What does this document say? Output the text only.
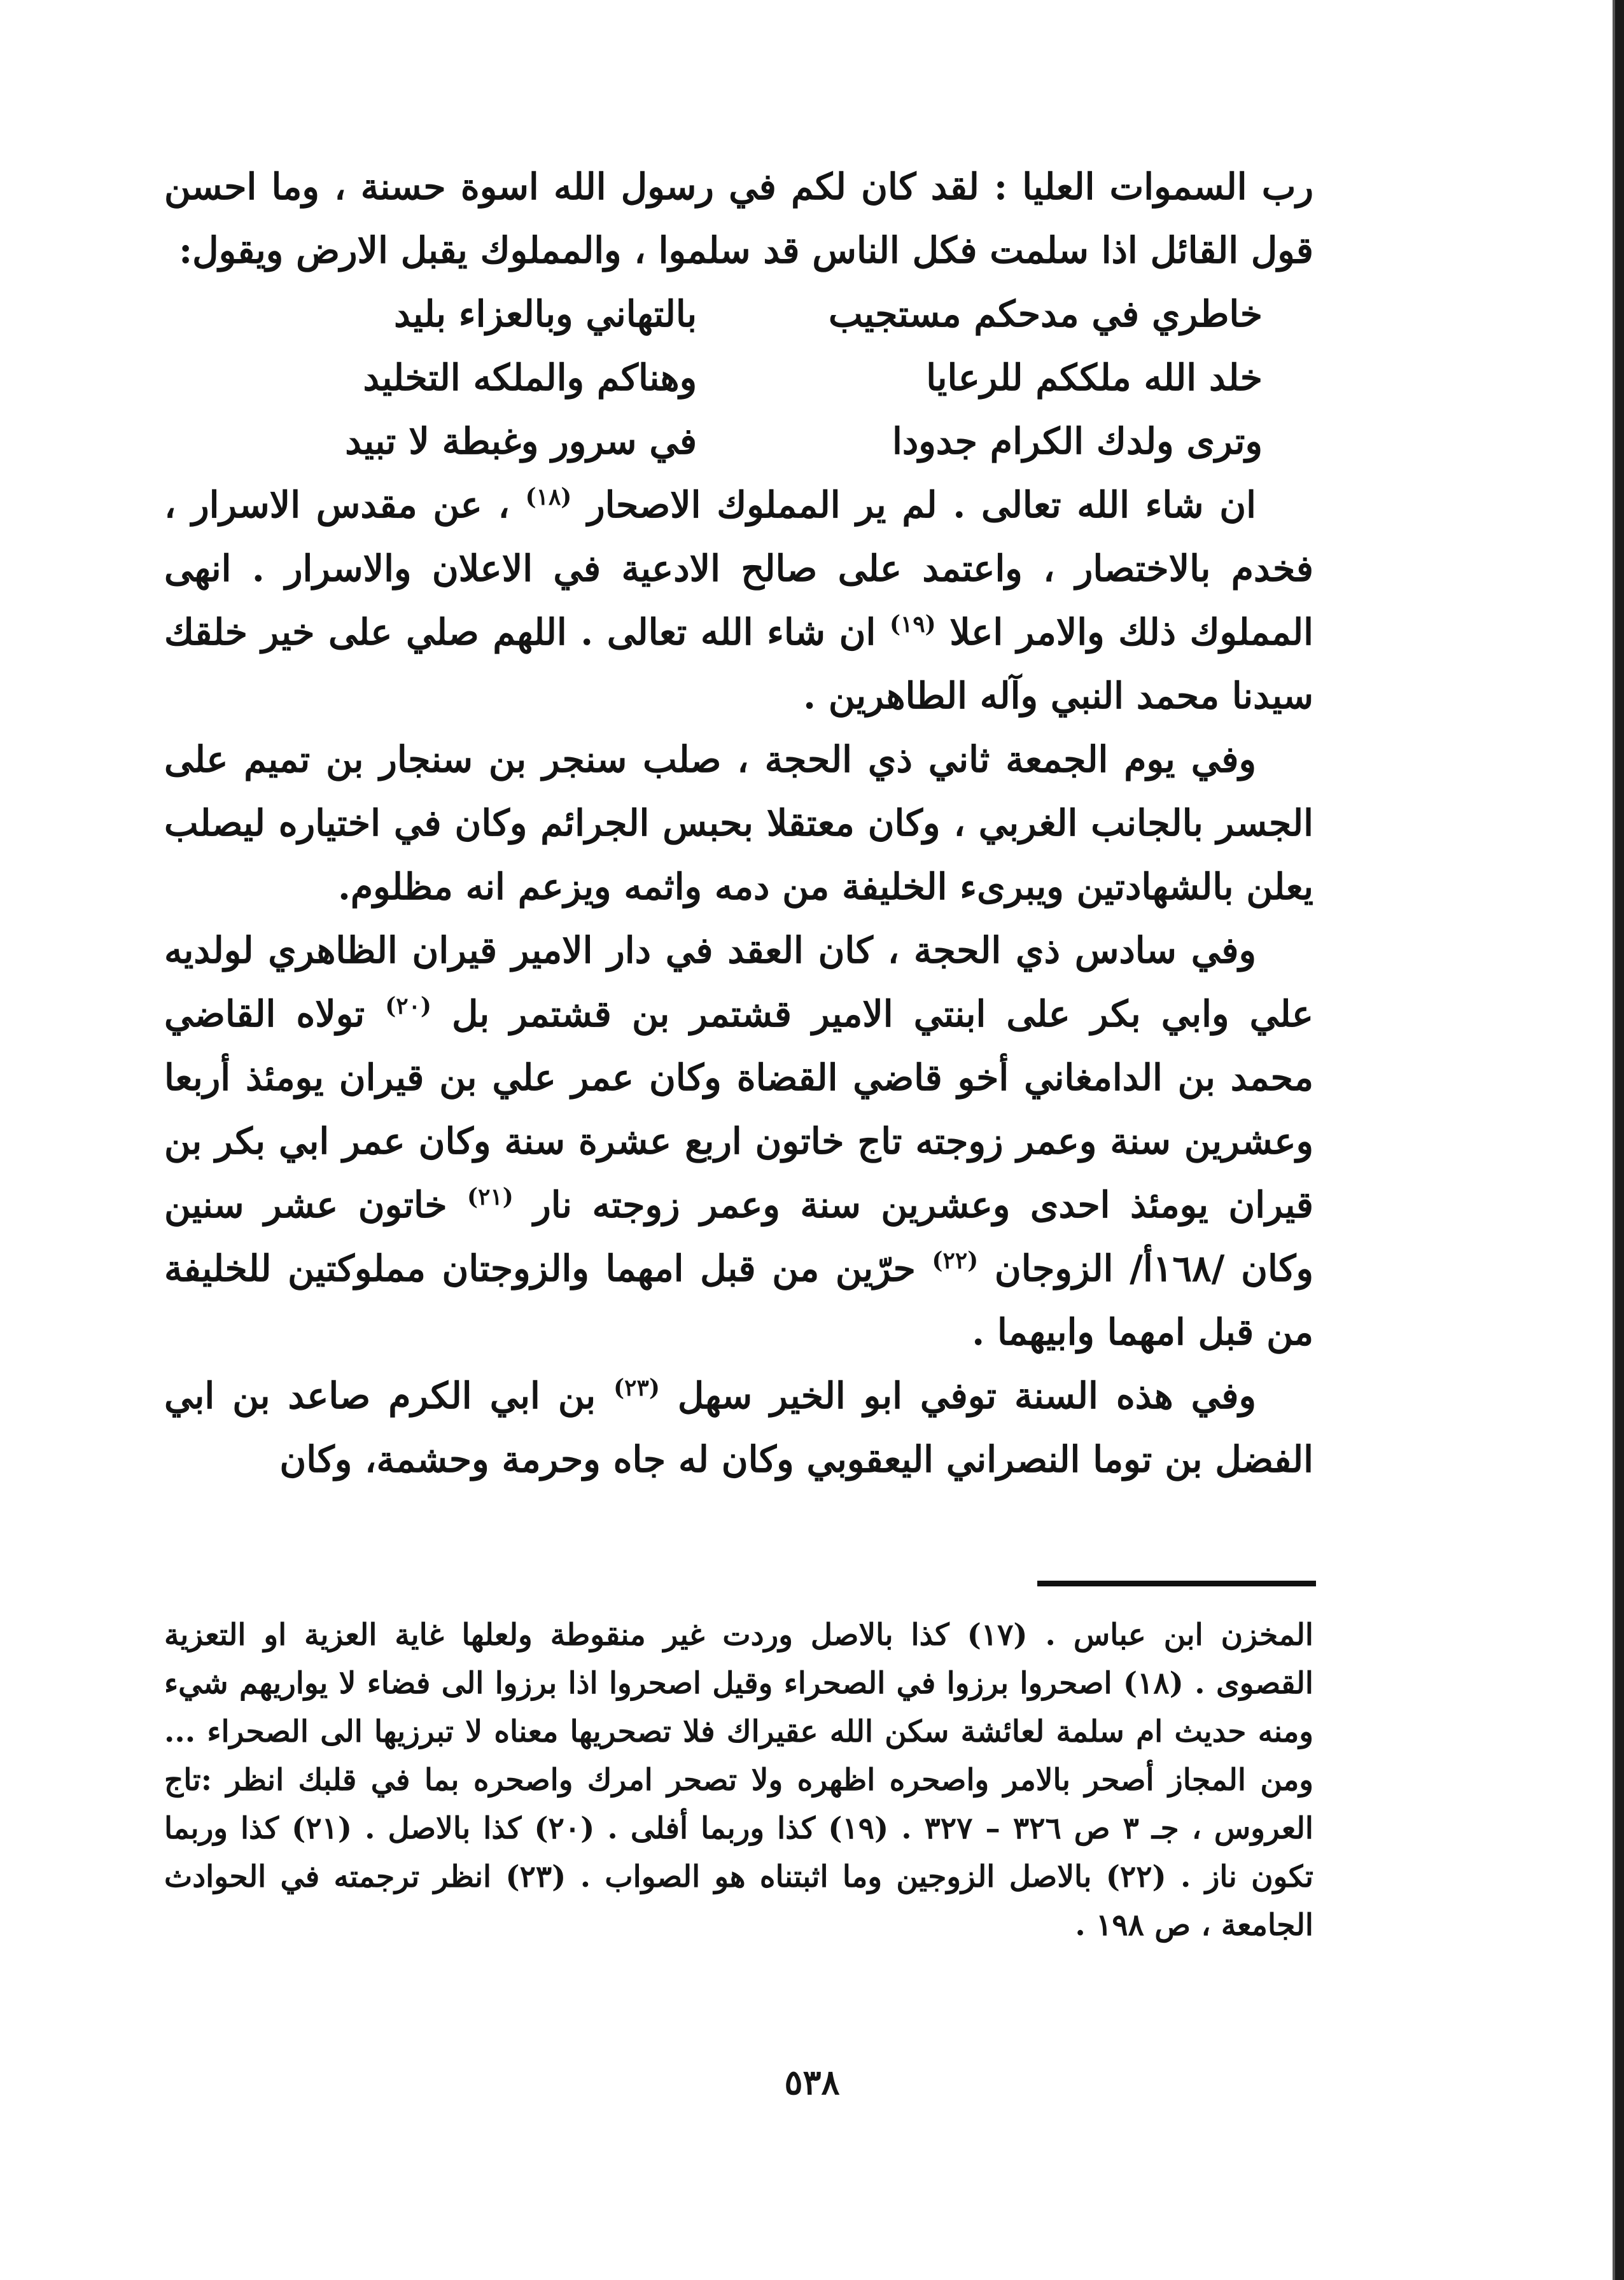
رب السموات العليا : لقد كان لكم في رسول الله اسوة حسنة ، وما احسن قول القائل اذا سلمت فكل الناس قد سلموا ، والمملوك يقبل الارض ويقول:

خاطري في مدحكم مستجيب
بالتهاني وبالعزاء بليد
خلد الله ملككم للرعايا
وهناكم والملكه التخليد
وترى ولدك الكرام جدودا
في سرور وغبطة لا تبيد

ان شاء الله تعالى . لم ير المملوك الاصحار $^{(١٨)}$ ، عن مقدس الاسرار ، فخدم بالاختصار ، واعتمد على صالح الادعية في الاعلان والاسرار . انهى المملوك ذلك والامر اعلا $^{(١٩)}$ ان شاء الله تعالى . اللهم صلي على خير خلقك سيدنا محمد النبي وآله الطاهرين .

وفي يوم الجمعة ثاني ذي الحجة ، صلب سنجر بن سنجار بن تميم على الجسر بالجانب الغربي ، وكان معتقلا بحبس الجرائم وكان في اختياره ليصلب يعلن بالشهادتين ويبرىء الخليفة من دمه واثمه ويزعم انه مظلوم.

وفي سادس ذي الحجة ، كان العقد في دار الامير قيران الظاهري لولديه علي وابي بكر على ابنتي الامير قشتمر بن قشتمر بل $^{(٢٠)}$ تولاه القاضي محمد بن الدامغاني أخو قاضي القضاة وكان عمر علي بن قيران يومئذ أربعا وعشرين سنة وعمر زوجته تاج خاتون اربع عشرة سنة وكان عمر ابي بكر بن قيران يومئذ احدى وعشرين سنة وعمر زوجته نار $^{(٢١)}$ خاتون عشر سنين وكان /١٦٨أ/ الزوجان $^{(٢٢)}$ حرّين من قبل امهما والزوجتان مملوكتين للخليفة من قبل امهما وابيهما .

وفي هذه السنة توفي ابو الخير سهل $^{(٢٣)}$ بن ابي الكرم صاعد بن ابي الفضل بن توما النصراني اليعقوبي وكان له جاه وحرمة وحشمة، وكان

المخزن ابن عباس . (١٧) كذا بالاصل وردت غير منقوطة ولعلها غاية العزية او التعزية القصوى . (١٨) اصحروا برزوا في الصحراء وقيل اصحروا اذا برزوا الى فضاء لا يواريهم شيء ومنه حديث ام سلمة لعائشة سكن الله عقيراك فلا تصحريها معناه لا تبرزيها الى الصحراء ... ومن المجاز أصحر بالامر واصحره اظهره ولا تصحر امرك واصحره بما في قلبك انظر :تاج العروس ، جـ ٣ ص ٣٢٦ – ٣٢٧ . (١٩) كذا وربما أفلى . (٢٠) كذا بالاصل . (٢١) كذا وربما تكون ناز . (٢٢) بالاصل الزوجين وما اثبتناه هو الصواب . (٢٣) انظر ترجمته في الحوادث الجامعة ، ص ١٩٨ .

٥٣٨
